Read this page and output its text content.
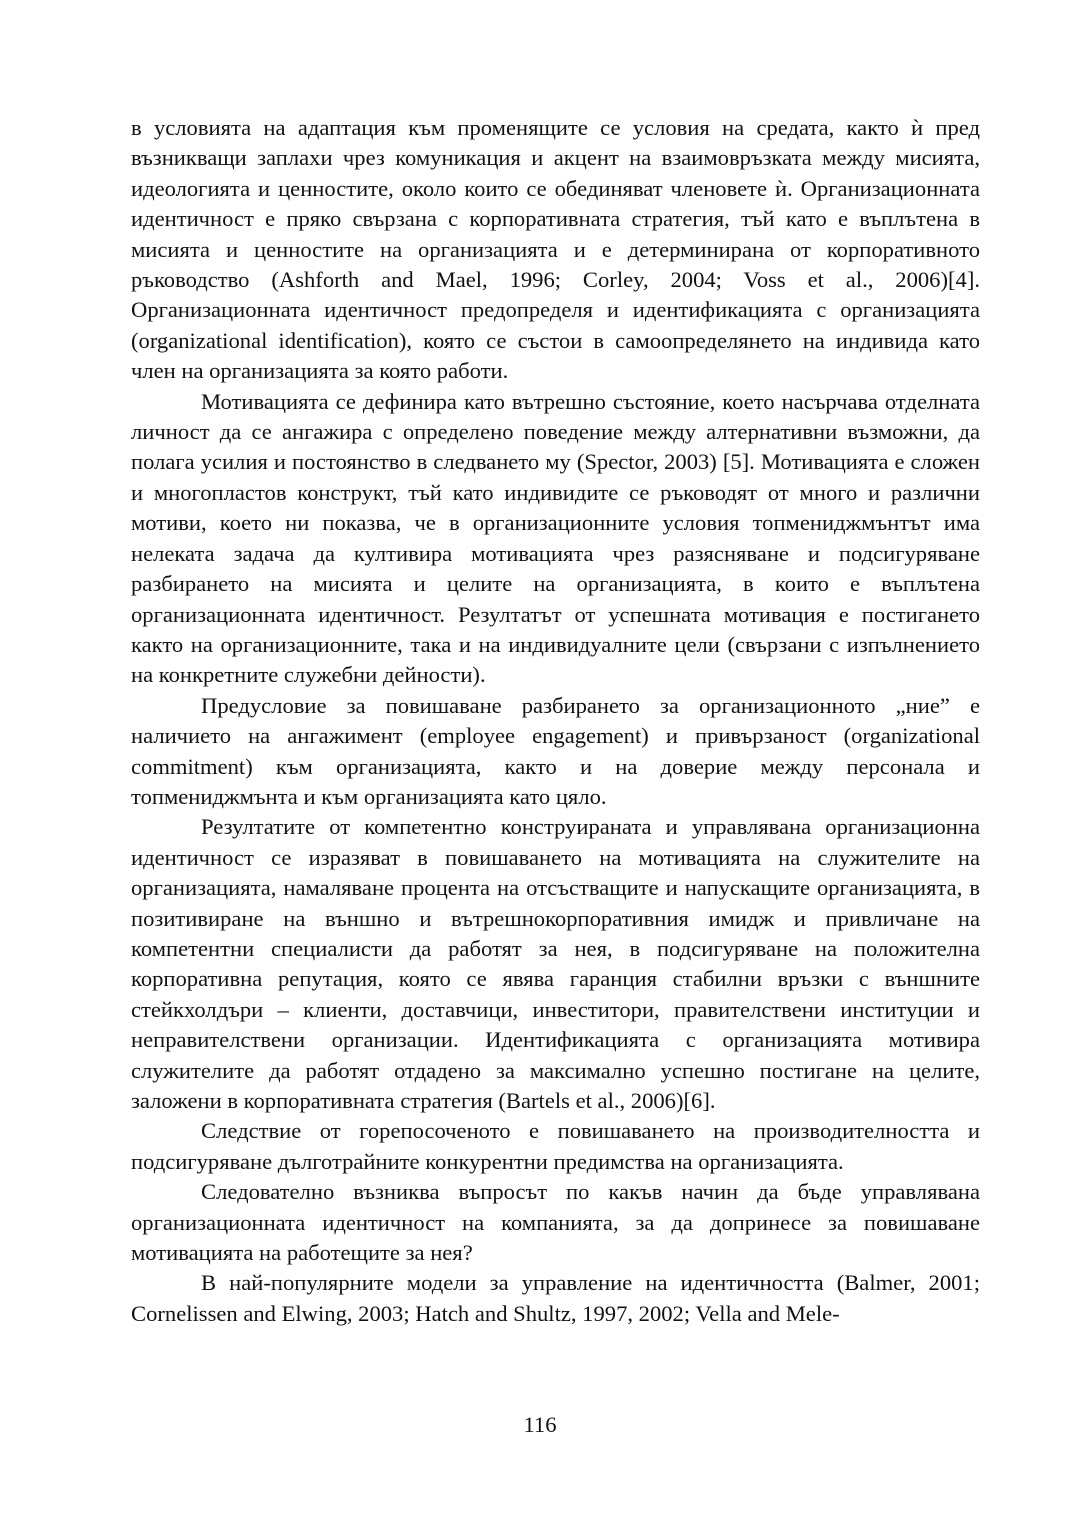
в условията на адаптация към променящите се условия на средата, както ѝ пред възникващи заплахи чрез комуникация и акцент на взаимовръзката между мисията, идеологията и ценностите, около които се обединяват членовете ѝ. Организационната идентичност е пряко свързана с корпоративната стратегия, тъй като е въплътена в мисията и ценностите на организацията и е детерминирана от корпоративното ръководство (Ashforth and Mael, 1996; Corley, 2004; Voss et al., 2006)[4]. Организационната идентичност предопределя и идентификацията с организацията (organizational identification), която се състои в самоопределянето на индивида като член на организацията за която работи.

Мотивацията се дефинира като вътрешно състояние, което насърчава отделната личност да се ангажира с определено поведение между алтернативни възможни, да полага усилия и постоянство в следването му (Spector, 2003) [5]. Мотивацията е сложен и многопластов конструкт, тъй като индивидите се ръководят от много и различни мотиви, което ни показва, че в организационните условия топмениджмънтът има нелеката задача да култивира мотивацията чрез разясняване и подсигуряване разбирането на мисията и целите на организацията, в които е въплътена организационната идентичност. Резултатът от успешната мотивация е постигането както на организационните, така и на индивидуалните цели (свързани с изпълнението на конкретните служебни дейности).

Предусловие за повишаване разбирането за организационното „ние” е наличието на ангажимент (employee engagement) и привързаност (organizational commitment) към организацията, както и на доверие между персонала и топмениджмънта и към организацията като цяло.

Резултатите от компетентно конструираната и управлявана организационна идентичност се изразяват в повишаването на мотивацията на служителите на организацията, намаляване процента на отсъстващите и напускащите организацията, в позитивиране на външно и вътрешнокорпоративния имидж и привличане на компетентни специалисти да работят за нея, в подсигуряване на положителна корпоративна репутация, която се явява гаранция стабилни връзки с външните стейкхолдъри – клиенти, доставчици, инвеститори, правителствени институции и неправителствени организации. Идентификацията с организацията мотивира служителите да работят отдадено за максимално успешно постигане на целите, заложени в корпоративната стратегия (Bartels et al., 2006)[6].

Следствие от горепосоченото е повишаването на производителността и подсигуряване дълготрайните конкурентни предимства на организацията.

Следователно възниква въпросът по какъв начин да бъде управлявана организационната идентичност на компанията, за да допринесе за повишаване мотивацията на работещите за нея?

В най-популярните модели за управление на идентичността (Balmer, 2001; Cornelissen and Elwing, 2003; Hatch and Shultz, 1997, 2002; Vella and Mele-

116
